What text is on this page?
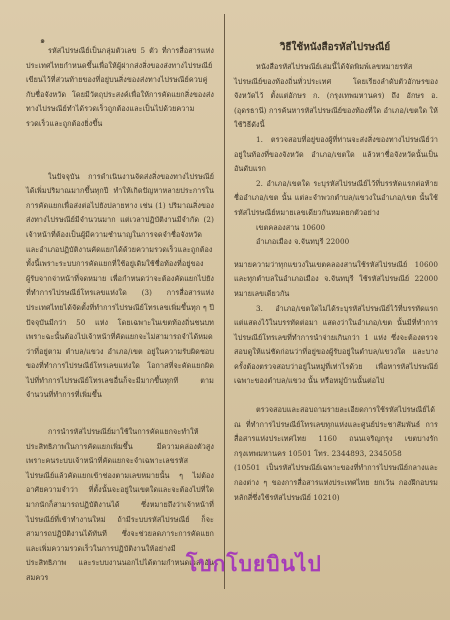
๑

รหัสไปรษณีย์เป็นกลุ่มตัวเลข 5 ตัว ที่การสื่อสารแห่งประเทศไทยกำหนดขึ้นเพื่อให้ผู้ฝากส่งสิ่งของส่งทางไปรษณีย์เขียนไว้ที่ส่วนท้ายของที่อยู่บนสิ่งของส่งทางไปรษณีย์ควบคู่กับชื่อจังหวัด โดยมีวัตถุประสงค์เพื่อให้การคัดแยกสิ่งของส่งทางไปรษณีย์ทำได้รวดเร็วถูกต้องและเป็นไปด้วยความรวดเร็วและถูกต้องยิ่งขึ้น

ในปัจจุบัน การดำเนินงานจัดส่งสิ่งของทางไปรษณีย์ได้เพิ่มปริมาณมากขึ้นทุกปี ทำให้เกิดปัญหาหลายประการในการคัดแยกเพื่อส่งต่อไปยังปลายทาง เช่น (1) ปริมาณสิ่งของส่งทางไปรษณีย์มีจำนวนมาก แต่เวลาปฏิบัติงานมีจำกัด (2) เจ้าหน้าที่ต้องเป็นผู้มีความชำนาญในการจดจำชื่อจังหวัดและอำเภอปฏิบัติงานคัดแยกได้ด้วยความรวดเร็วและถูกต้อง ทั้งนี้เพราะระบบการคัดแยกที่ใช้อยู่เดิมใช้ชื่อท้องที่อยู่ของผู้รับจากจ่าหน้าที่จดหมาย เพื่อกำหนดว่าจะต้องคัดแยกไปยังที่ทำการไปรษณีย์โทรเลขแห่งใด (3) การสื่อสารแห่งประเทศไทยได้จัดตั้งที่ทำการไปรษณีย์โทรเลขเพิ่มขึ้นทุก ๆ ปี ปัจจุบันมีกว่า 50 แห่ง โดยเฉพาะในเขตท้องถิ่นชนบท เพราะฉะนั้นต้องไปเจ้าหน้าที่คัดแยกจะไม่สามารถจำได้หมดว่าที่อยู่ตาม ตำบล/แขวง อำเภอ/เขต อยู่ในความรับผิดชอบของที่ทำการไปรษณีย์โทรเลขแห่งใด โอกาสที่จะคัดแยกผิดไปที่ทำการไปรษณีย์โทรเลขอื่นก็จะมีมากขึ้นทุกที ตามจำนวนที่ทำการที่เพิ่มขึ้น

การนำรหัสไปรษณีย์มาใช้ในการคัดแยกจะทำให้ประสิทธิภาพในการคัดแยกเพิ่มขึ้น มีความคล่องตัวสูง เพราะคนระบบเจ้าหน้าที่คัดแยกจะจำเฉพาะเลขรหัสไปรษณีย์แล้วคัดแยกเข้าช่องตามเลขหมายนั้น ๆ ไม่ต้องอาศัยความจำว่า ที่ตั้งนั้นจะอยู่ในเขตใดและจะต้องไปที่ใด มากนักก็สามารถปฏิบัติงานได้ ซึ่งหมายถึงว่าเจ้าหน้าที่ไปรษณีย์ที่เข้าทำงานใหม่ ถ้ามีระบบรหัสไปรษณีย์ ก็จะสามารถปฏิบัติงานได้ทันที ซึ่งจะช่วยลดภาระการคัดแยก และเพิ่มความรวดเร็วในการปฏิบัติงานให้อย่างมีประสิทธิภาพ และระบบงานนอกไปได้ตามกำหนดเวลาอันสมควร

วิธีใช้หนังสือรหัสไปรษณีย์

หนังสือรหัสไปรษณีย์เล่มนี้ได้จัดพิมพ์เลขหมายรหัสไปรษณีย์ของท้องถิ่นทั่วประเทศ โดยเรียงลำดับตัวอักษรของจังหวัดไว้ ตั้งแต่อักษร ก. (กรุงเทพมหานคร) ถึง อักษร อ. (อุดรธานี) การค้นหารหัสไปรษณีย์ของท้องที่ใด อำเภอ/เขตใด ให้ใช้วิธีดังนี้

1. ตรวจสอบที่อยู่ของผู้ที่ท่านจะส่งสิ่งของทางไปรษณีย์ว่าอยู่ในท้องที่ของจังหวัด อำเภอ/เขตใด แล้วหาชื่อจังหวัดนั้นเป็นอันดับแรก

2. อำเภอ/เขตใด ระบุรหัสไปรษณีย์ไว้ที่บรรทัดแรกต่อท้ายชื่ออำเภอ/เขต นั้น แต่ละจำพวกตำบล/แขวงในอำเภอ/เขต นั้นใช้รหัสไปรษณีย์หมายเลขเดียวกันหมดยกตัวอย่าง

เขตคลองสาน 10600

อำเภอเมือง จ.จันทบุรี 22000

หมายความว่าทุกแขวงในเขตคลองสานใช้รหัสไปรษณีย์ 10600 และทุกตำบลในอำเภอเมือง จ.จันทบุรี ใช้รหัสไปรษณีย์ 22000 หมายเลขเดียวกัน

3. อำเภอ/เขตใดไม่ได้ระบุรหัสไปรษณีย์ไว้ที่บรรทัดแรก แต่แสดงไว้ในบรรทัดต่อมา แสดงว่าในอำเภอ/เขต นั้นมีที่ทำการไปรษณีย์โทรเลขที่ทำการนำจ่ายเกินกว่า 1 แห่ง ซึ่งจะต้องตรวจสอบดูให้แน่ชัดก่อนว่าที่อยู่ของผู้รับอยู่ในตำบล/แขวงใด และบางครั้งต้องตรวจสอบว่าอยู่ในหมู่ที่เท่าไรด้วย เพื่อหารหัสไปรษณีย์เฉพาะของตำบล/แขวง นั้น หรือหมู่บ้านนั้นต่อไป

ตรวจสอบและสอบถามรายละเอียดการใช้รหัสไปรษณีย์ได้ ณ ที่ทำการไปรษณีย์โทรเลขทุกแห่งและศูนย์ประชาสัมพันธ์ การสื่อสารแห่งประเทศไทย 1160 ถนนเจริญกรุง เขตบางรัก กรุงเทพมหานคร 10501 โทร. 2344893, 2345058

(10501 เป็นรหัสไปรษณีย์เฉพาะของที่ทำการไปรษณีย์กลางและกองต่าง ๆ ของการสื่อสารแห่งประเทศไทย ยกเว้น กองฝึกอบรม หลักสี่ซึ่งใช้รหัสไปรษณีย์ 10210)

โบกโบยบินไป
